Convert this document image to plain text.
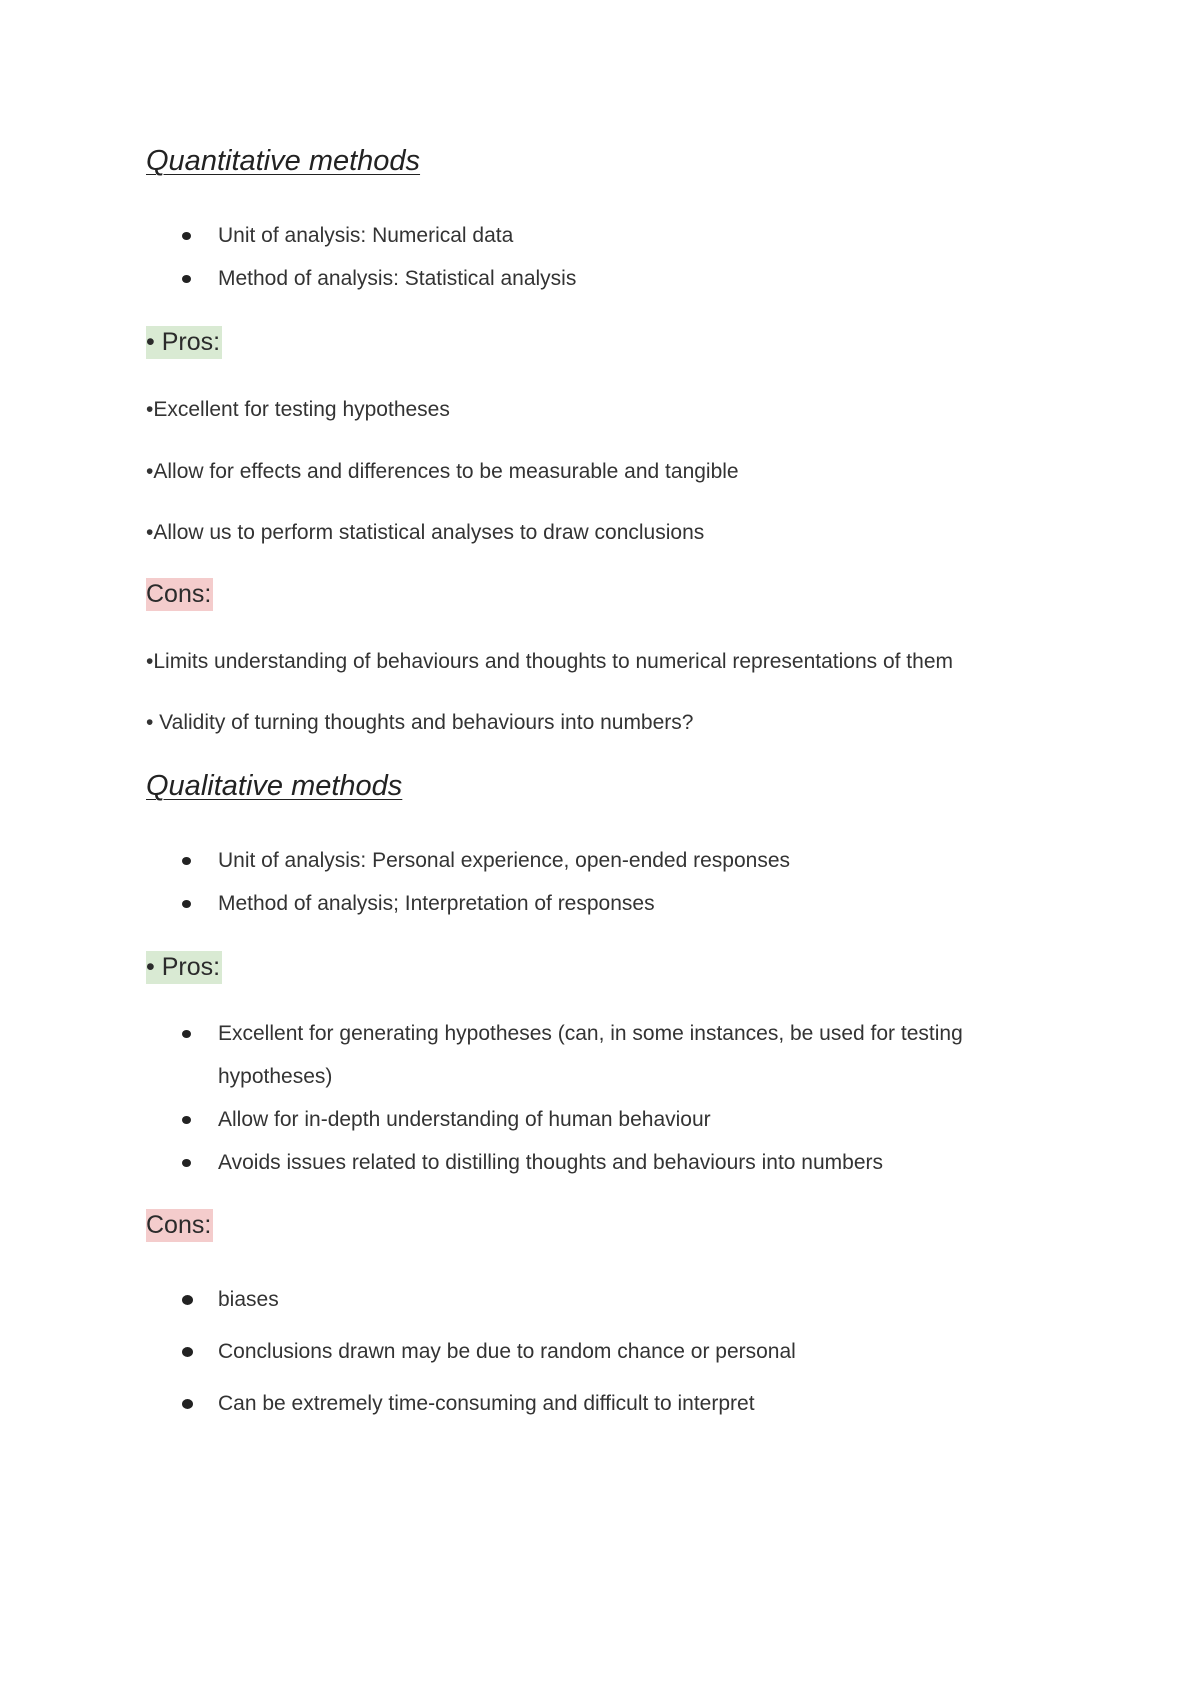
Quantitative methods
Unit of analysis: Numerical data
Method of analysis: Statistical analysis
• Pros:
•Excellent for testing hypotheses
•Allow for effects and differences to be measurable and tangible
•Allow us to perform statistical analyses to draw conclusions
Cons:
•Limits understanding of behaviours and thoughts to numerical representations of them
• Validity of turning thoughts and behaviours into numbers?
Qualitative methods
Unit of analysis: Personal experience, open-ended responses
Method of analysis; Interpretation of responses
• Pros:
Excellent for generating hypotheses (can, in some instances, be used for testing hypotheses)
Allow for in-depth understanding of human behaviour
Avoids issues related to distilling thoughts and behaviours into numbers
Cons:
biases
Conclusions drawn may be due to random chance or personal
Can be extremely time-consuming and difficult to interpret
